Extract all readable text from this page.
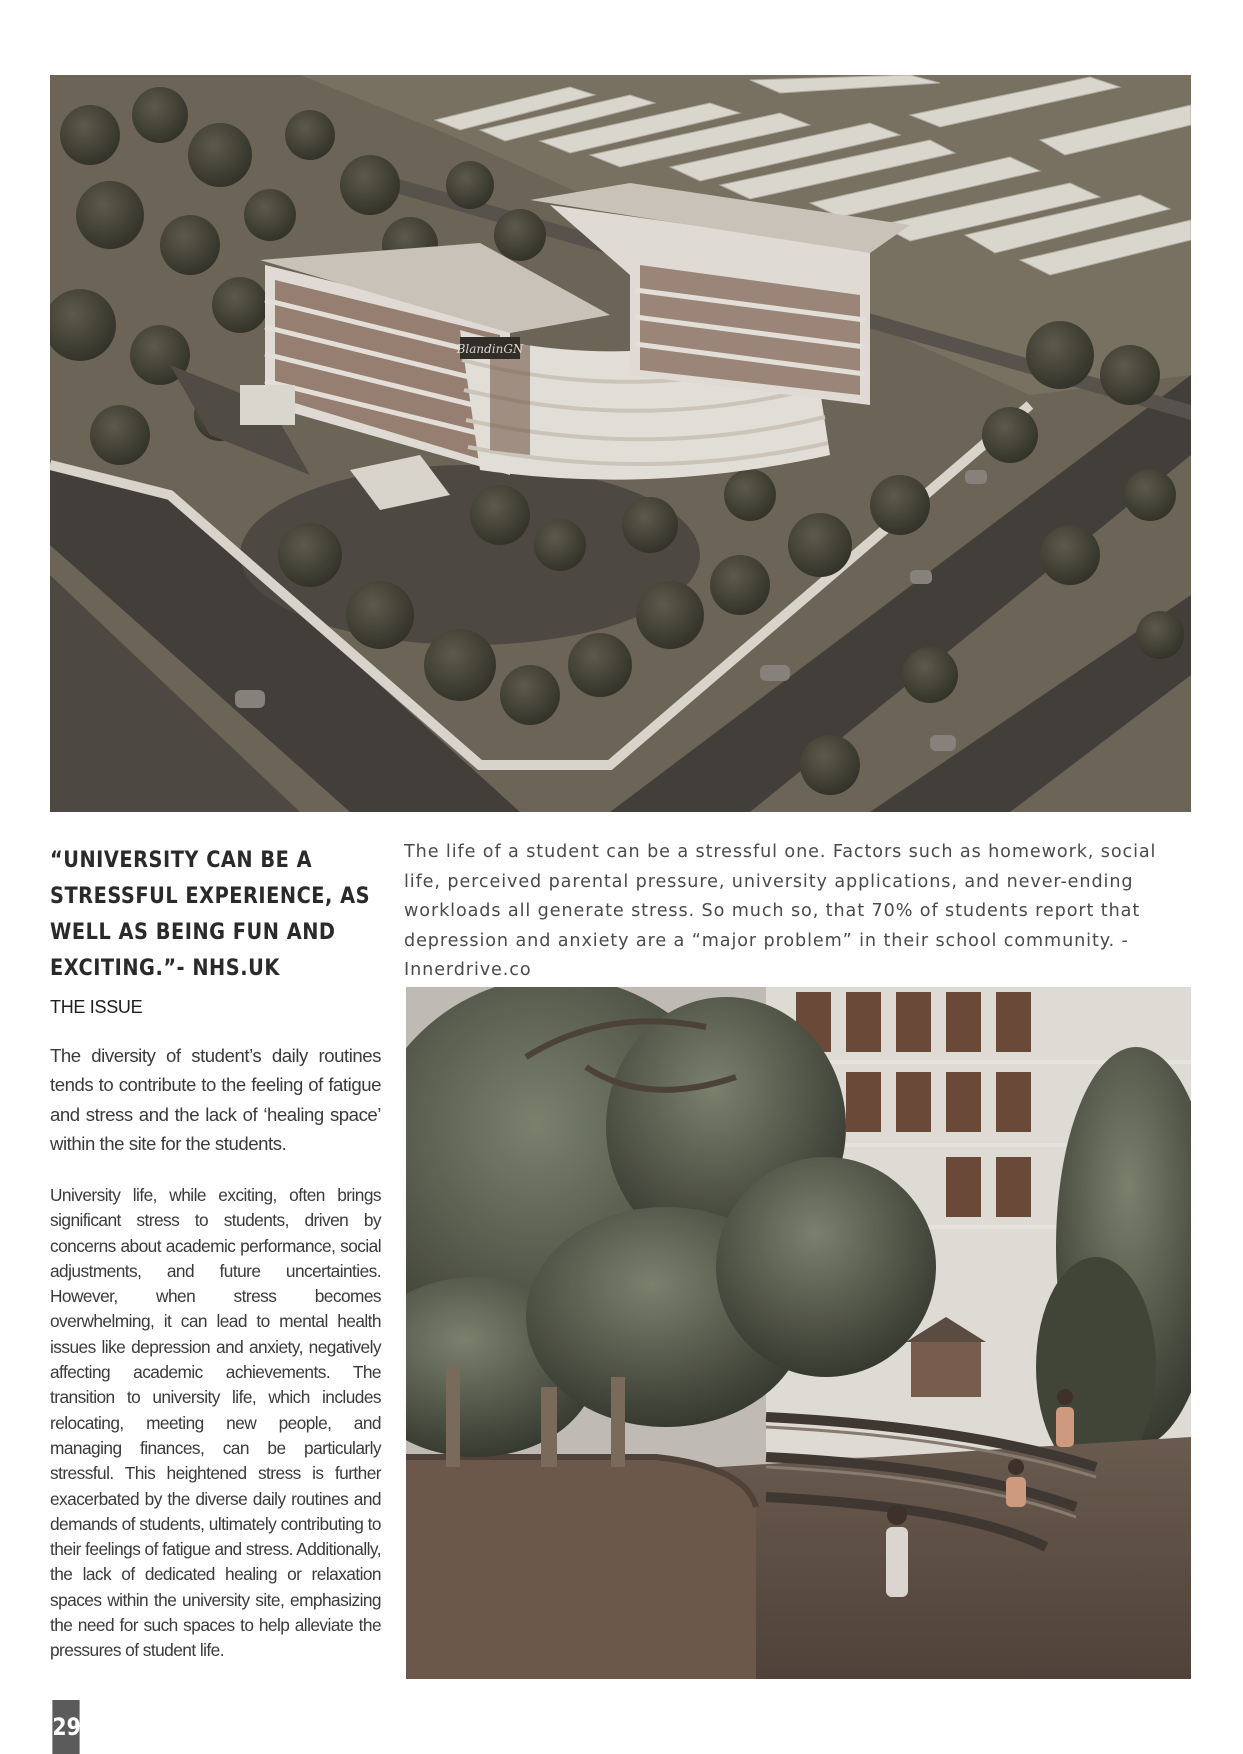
BlandinGN
“UNIVERSITY CAN BE A STRESSFUL EXPERIENCE, AS WELL AS BEING FUN AND EXCITING.”- NHS.UK
The life of a student can be a stressful one. Factors such as homework, social life, perceived parental pressure, university applications, and never-ending workloads all generate stress. So much so, that 70% of students report that depression and anxiety are a “major problem” in their school community. - Innerdrive.co
THE ISSUE
The diversity of student’s daily routines tends to contribute to the feeling of fatigue and stress and the lack of ‘healing space’ within the site for the students.
University life, while exciting, often brings significant stress to students, driven by concerns about academic performance, social adjustments, and future uncertainties. However, when stress becomes overwhelming, it can lead to mental health issues like depression and anxiety, negatively affecting academic achievements. The transition to university life, which includes relocating, meeting new people, and managing finances, can be particularly stressful. This heightened stress is further exacerbated by the diverse daily routines and demands of students, ultimately contributing to their feelings of fatigue and stress. Additionally, the lack of dedicated healing or relaxation spaces within the university site, emphasizing the need for such spaces to help alleviate the pressures of student life.
29
